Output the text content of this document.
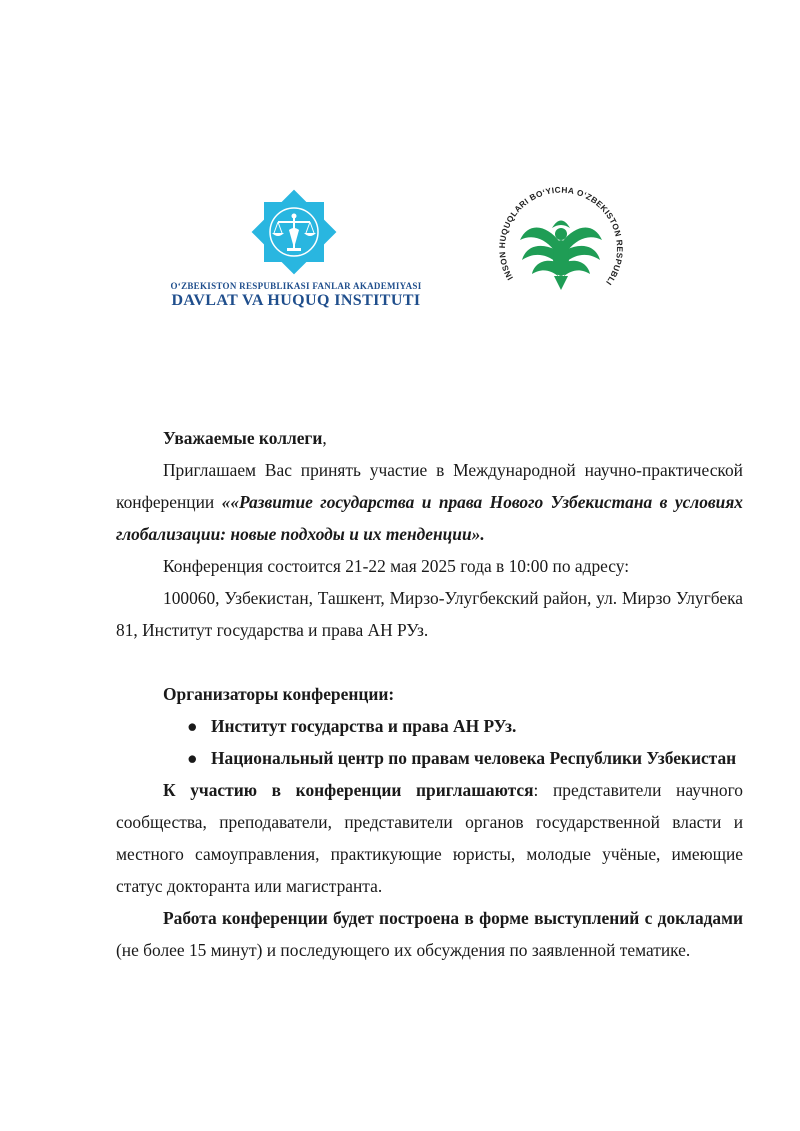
O‘ZBEKISTON RESPUBLIKASI FANLAR AKADEMIYASI
DAVLAT VA HUQUQ INSTITUTI
INSON HUQUQLARI BO‘YICHA O‘ZBEKISTON RESPUBLI

Уважаемые коллеги,

Приглашаем Вас принять участие в Международной научно-практической конференции ««Развитие государства и права Нового Узбекистана в условиях глобализации: новые подходы и их тенденции».

Конференция состоится 21-22 мая 2025 года в 10:00 по адресу:

100060, Узбекистан, Ташкент, Мирзо-Улугбекский район, ул. Мирзо Улугбека 81, Институт государства и права АН РУз.

Организаторы конференции:

● Институт государства и права АН РУз.
● Национальный центр по правам человека Республики Узбекистан

К участию в конференции приглашаются: представители научного сообщества, преподаватели, представители органов государственной власти и местного самоуправления, практикующие юристы, молодые учёные, имеющие статус докторанта или магистранта.

Работа конференции будет построена в форме выступлений с докладами (не более 15 минут) и последующего их обсуждения по заявленной тематике.
